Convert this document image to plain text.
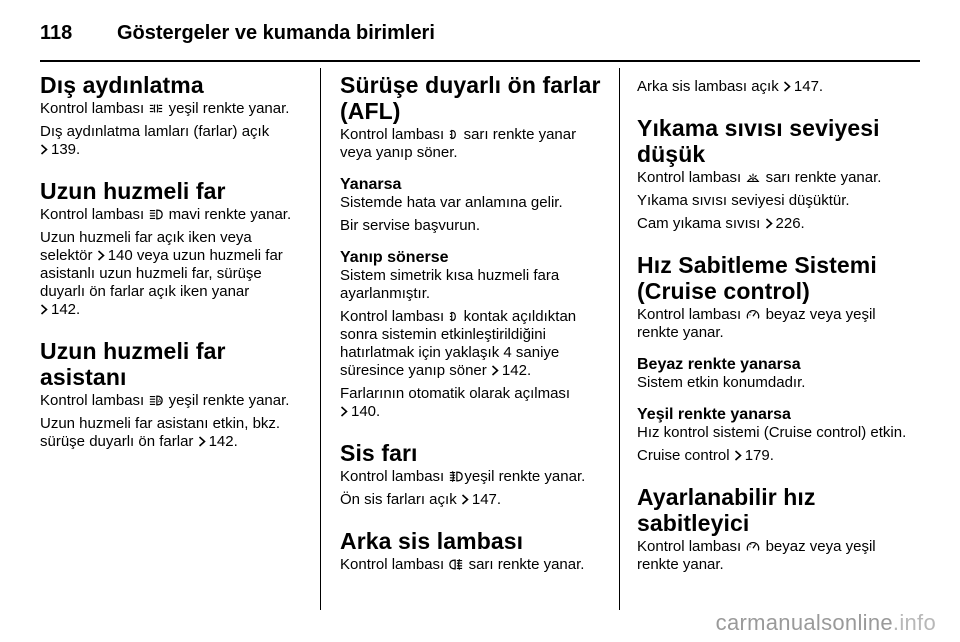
118 Göstergeler ve kumanda birimleri
Dış aydınlatma

Kontrol lambası yeşil renkte yanar.

Dış aydınlatma lamları (farlar) açık
139.

Uzun huzmeli far

Kontrol lambası mavi renkte yanar.

Uzun huzmeli far açık iken veya selektör 140 veya uzun huzmeli far asistanlı uzun huzmeli far, sürüşe duyarlı ön farlar açık iken yanar
142.

Uzun huzmeli far asistanı

Kontrol lambası yeşil renkte yanar.

Uzun huzmeli far asistanı etkin, bkz. sürüşe duyarlı ön farlar 142.

Sürüşe duyarlı ön farlar (AFL)

Kontrol lambası sarı renkte yanar veya yanıp söner.

Yanarsa

Sistemde hata var anlamına gelir.

Bir servise başvurun.

Yanıp sönerse

Sistem simetrik kısa huzmeli fara ayarlanmıştır.

Kontrol lambası kontak açıldıktan sonra sistemin etkinleştirildiğini hatırlatmak için yaklaşık 4 saniye süresince yanıp söner 142.

Farlarının otomatik olarak açılması
140.

Sis farı

Kontrol lambası yeşil renkte yanar.

Ön sis farları açık 147.

Arka sis lambası

Kontrol lambası sarı renkte yanar.

Arka sis lambası açık 147.

Yıkama sıvısı seviyesi düşük

Kontrol lambası sarı renkte yanar.

Yıkama sıvısı seviyesi düşüktür.

Cam yıkama sıvısı 226.

Hız Sabitleme Sistemi (Cruise control)

Kontrol lambası beyaz veya yeşil renkte yanar.

Beyaz renkte yanarsa

Sistem etkin konumdadır.

Yeşil renkte yanarsa

Hız kontrol sistemi (Cruise control) etkin.

Cruise control 179.

Ayarlanabilir hız sabitleyici

Kontrol lambası beyaz veya yeşil renkte yanar.

carmanualsonline.info
